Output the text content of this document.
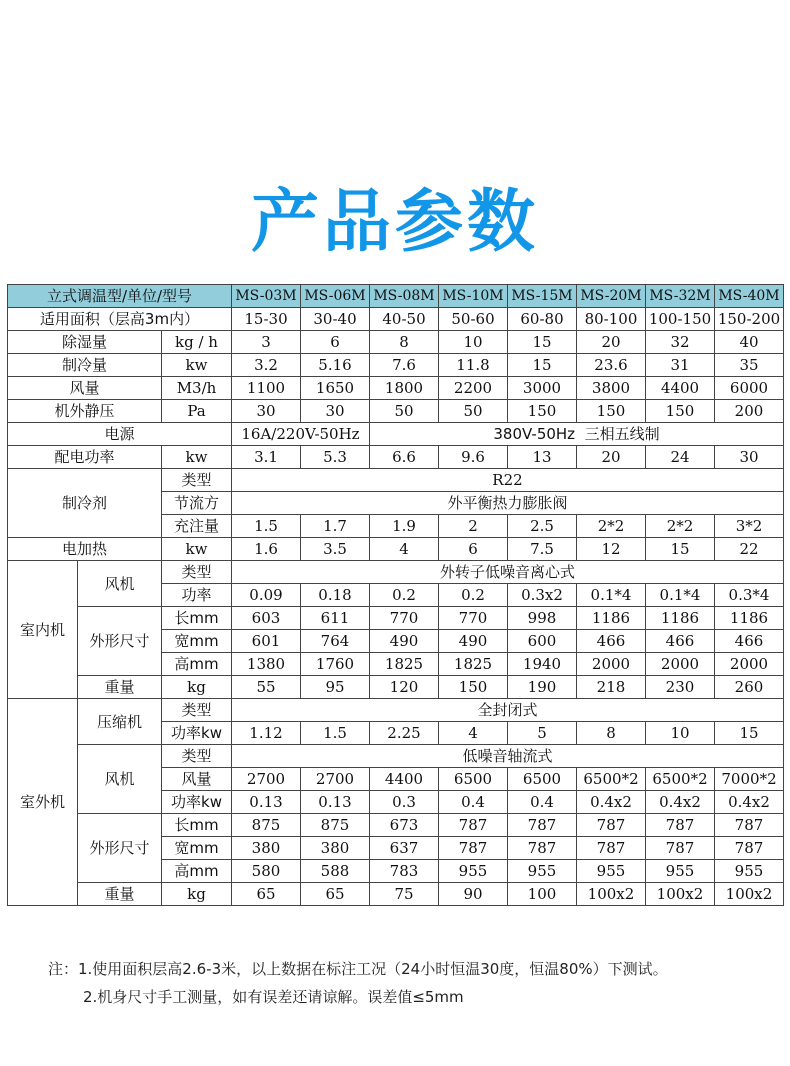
产品参数
立式调温型/单位/型号			MS-03M	MS-06M	MS-08M	MS-10M	MS-15M	MS-20M	MS-32M	MS-40M
适用面积（层高3m内）			15-30	30-40	40-50	50-60	60-80	80-100	100-150	150-200
除湿量		kg / h	3	6	8	10	15	20	32	40
制冷量		kw	3.2	5.16	7.6	11.8	15	23.6	31	35
风量		M3/h	1100	1650	1800	2200	3000	3800	4400	6000
机外静压		Pa	30	30	50	50	150	150	150	200
电源			16A/220V-50Hz		380V-50Hz  三相五线制					
配电功率		kw	3.1	5.3	6.6	9.6	13	20	24	30
制冷剂		类型	R22							
		节流方	外平衡热力膨胀阀							
		充注量	1.5	1.7	1.9	2	2.5	2*2	2*2	3*2
电加热		kw	1.6	3.5	4	6	7.5	12	15	22
室内机	风机	类型	外转子低噪音离心式							
		功率	0.09	0.18	0.2	0.2	0.3x2	0.1*4	0.1*4	0.3*4
	外形尺寸	长mm	603	611	770	770	998	1186	1186	1186
		宽mm	601	764	490	490	600	466	466	466
		高mm	1380	1760	1825	1825	1940	2000	2000	2000
	重量	kg	55	95	120	150	190	218	230	260
室外机	压缩机	类型	全封闭式							
		功率kw	1.12	1.5	2.25	4	5	8	10	15
	风机	类型	低噪音轴流式							
		风量	2700	2700	4400	6500	6500	6500*2	6500*2	7000*2
		功率kw	0.13	0.13	0.3	0.4	0.4	0.4x2	0.4x2	0.4x2
	外形尺寸	长mm	875	875	673	787	787	787	787	787
		宽mm	380	380	637	787	787	787	787	787
		高mm	580	588	783	955	955	955	955	955
	重量	kg	65	65	75	90	100	100x2	100x2	100x2
注：1.使用面积层高2.6-3米，以上数据在标注工况（24小时恒温30度，恒温80%）下测试。
2.机身尺寸手工测量，如有误差还请谅解。误差值≤5mm
